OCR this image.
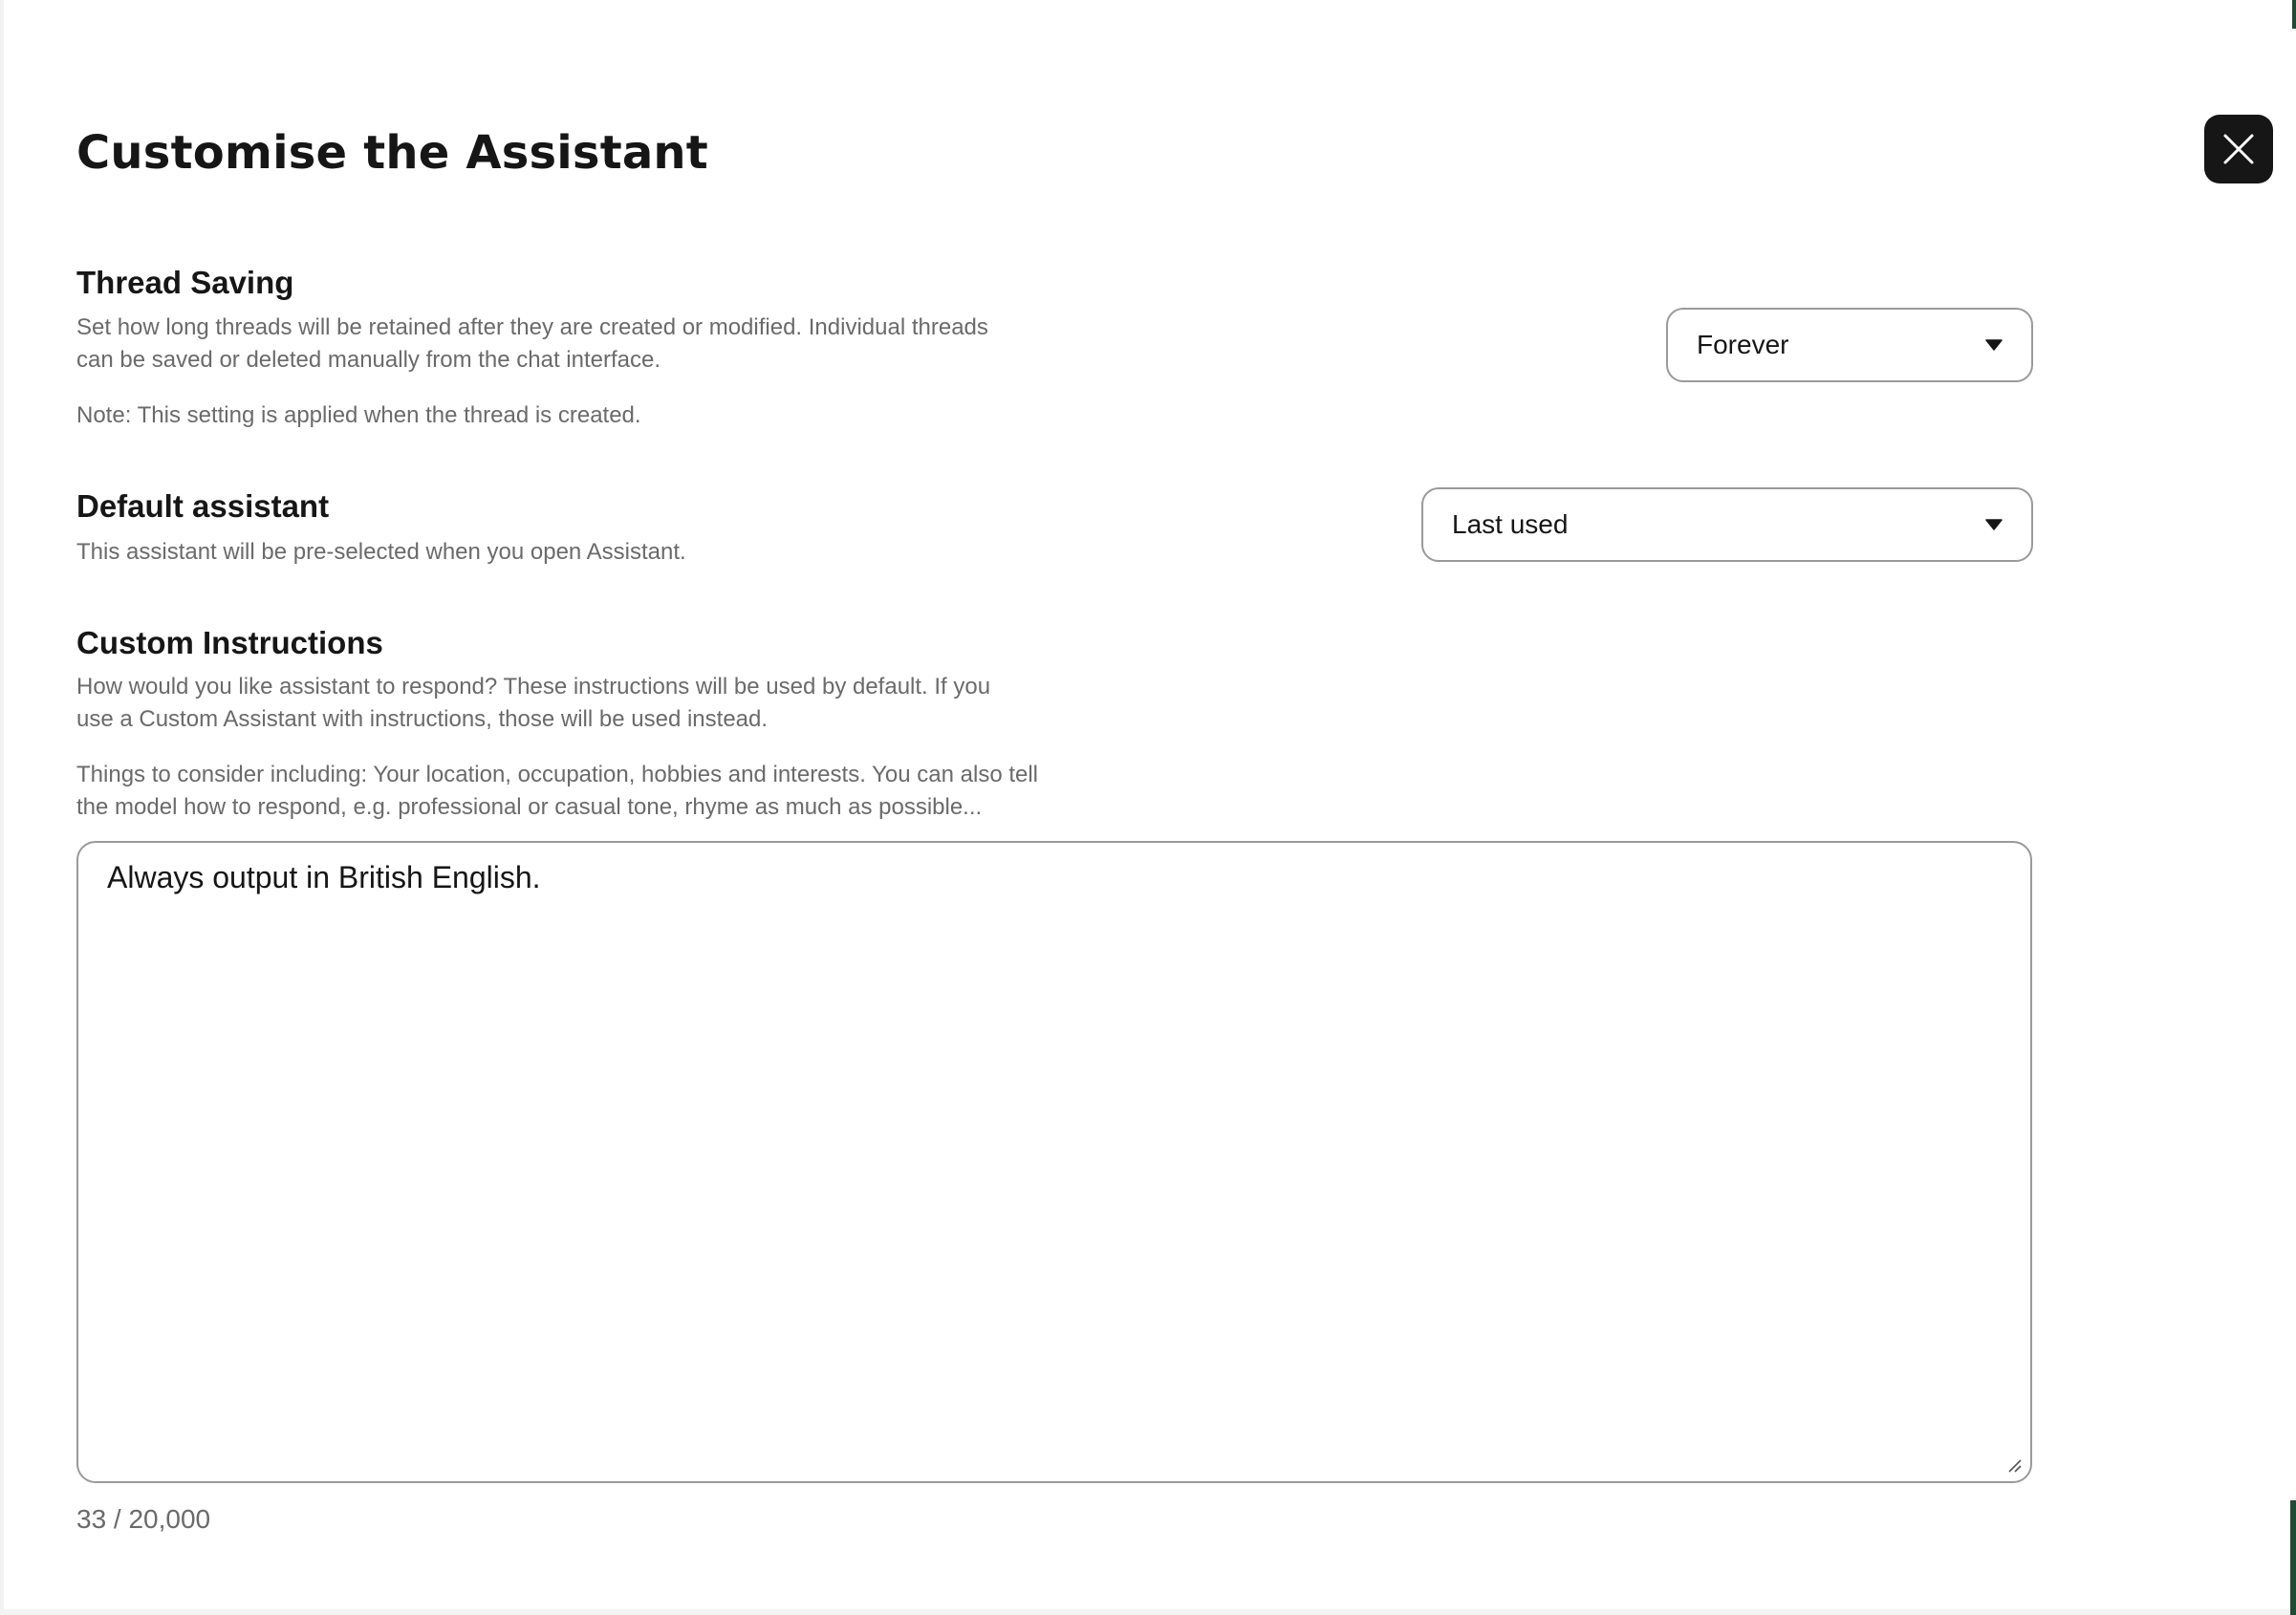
Customise the Assistant
Thread Saving

Set how long threads will be retained after they are created or modified. Individual threads can be saved or deleted manually from the chat interface.

Note: This setting is applied when the thread is created.

Forever
Default assistant

This assistant will be pre-selected when you open Assistant.

Last used
Custom Instructions

How would you like assistant to respond? These instructions will be used by default. If you use a Custom Assistant with instructions, those will be used instead.

Things to consider including: Your location, occupation, hobbies and interests. You can also tell the model how to respond, e.g. professional or casual tone, rhyme as much as possible...

Always output in British English.
33 / 20,000
